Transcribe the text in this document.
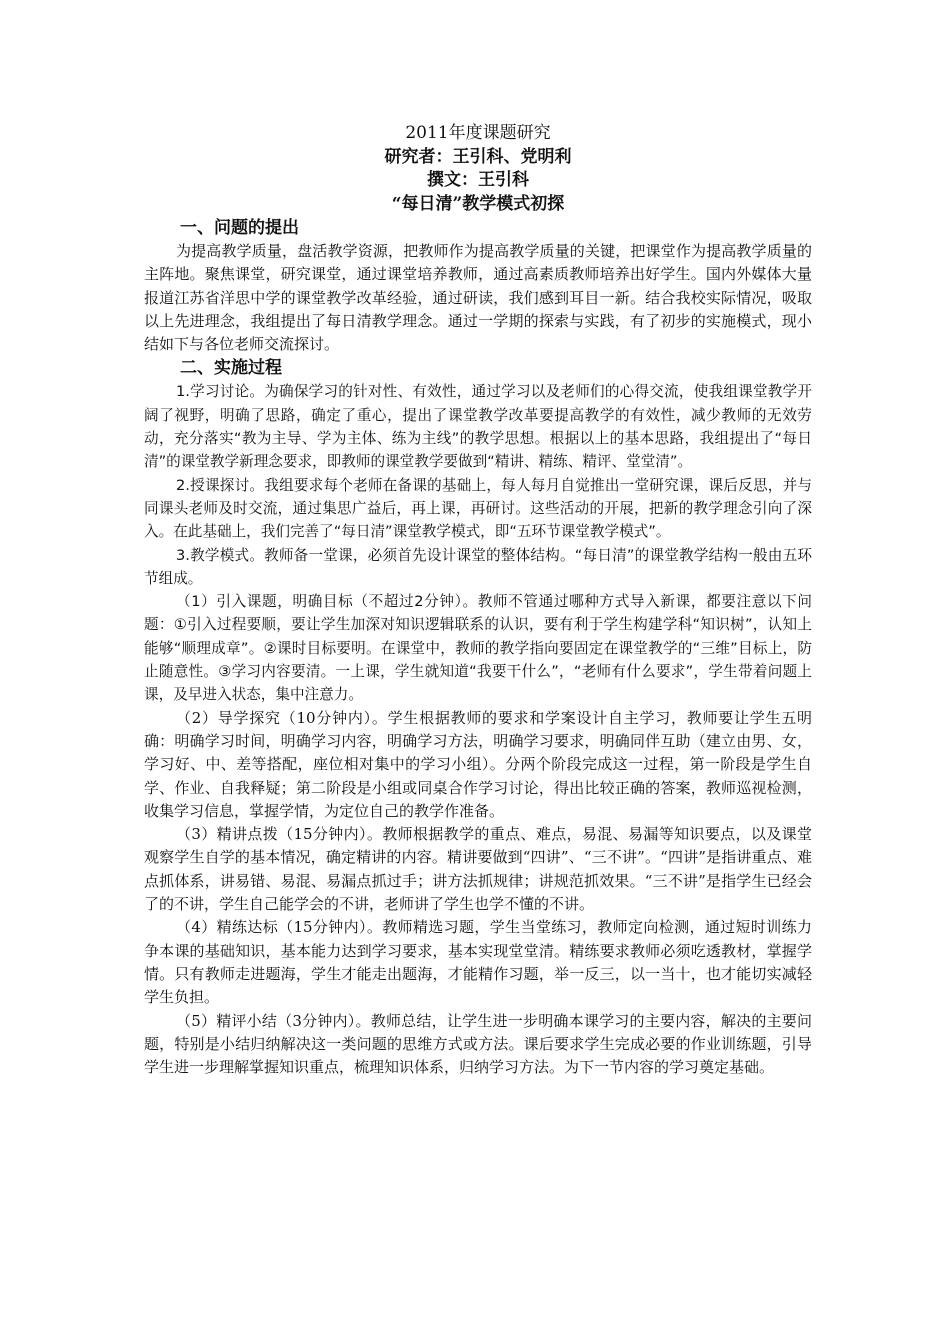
2011年度课题研究
研究者：王引科、党明利
撰文：王引科
“每日清”教学模式初探
一、问题的提出

为提高教学质量，盘活教学资源，把教师作为提高教学质量的关键，把课堂作为提高教学质量的主阵地。聚焦课堂，研究课堂，通过课堂培养教师，通过高素质教师培养出好学生。国内外媒体大量报道江苏省洋思中学的课堂教学改革经验，通过研读，我们感到耳目一新。结合我校实际情况，吸取以上先进理念，我组提出了每日清教学理念。通过一学期的探索与实践，有了初步的实施模式，现小结如下与各位老师交流探讨。

二、实施过程

1.学习讨论。为确保学习的针对性、有效性，通过学习以及老师们的心得交流，使我组课堂教学开阔了视野，明确了思路，确定了重心，提出了课堂教学改革要提高教学的有效性，减少教师的无效劳动，充分落实“教为主导、学为主体、练为主线”的教学思想。根据以上的基本思路，我组提出了“每日清”的课堂教学新理念要求，即教师的课堂教学要做到“精讲、精练、精评、堂堂清”。

2.授课探讨。我组要求每个老师在备课的基础上，每人每月自觉推出一堂研究课，课后反思，并与同课头老师及时交流，通过集思广益后，再上课，再研讨。这些活动的开展，把新的教学理念引向了深入。在此基础上，我们完善了“每日清”课堂教学模式，即“五环节课堂教学模式”。

3.教学模式。教师备一堂课，必须首先设计课堂的整体结构。“每日清”的课堂教学结构一般由五环节组成。

（1）引入课题，明确目标（不超过2分钟）。教师不管通过哪种方式导入新课，都要注意以下问题：①引入过程要顺，要让学生加深对知识逻辑联系的认识，要有利于学生构建学科“知识树”，认知上能够“顺理成章”。②课时目标要明。在课堂中，教师的教学指向要固定在课堂教学的“三维”目标上，防止随意性。③学习内容要清。一上课，学生就知道“我要干什么”，“老师有什么要求”，学生带着问题上课，及早进入状态，集中注意力。

（2）导学探究（10分钟内）。学生根据教师的要求和学案设计自主学习，教师要让学生五明确：明确学习时间，明确学习内容，明确学习方法，明确学习要求，明确同伴互助（建立由男、女，学习好、中、差等搭配，座位相对集中的学习小组）。分两个阶段完成这一过程，第一阶段是学生自学、作业、自我释疑；第二阶段是小组或同桌合作学习讨论，得出比较正确的答案，教师巡视检测，收集学习信息，掌握学情，为定位自己的教学作准备。

（3）精讲点拨（15分钟内）。教师根据教学的重点、难点，易混、易漏等知识要点，以及课堂观察学生自学的基本情况，确定精讲的内容。精讲要做到“四讲”、“三不讲”。“四讲”是指讲重点、难点抓体系，讲易错、易混、易漏点抓过手；讲方法抓规律；讲规范抓效果。“三不讲”是指学生已经会了的不讲，学生自己能学会的不讲，老师讲了学生也学不懂的不讲。

（4）精练达标（15分钟内）。教师精选习题，学生当堂练习，教师定向检测，通过短时训练力争本课的基础知识，基本能力达到学习要求，基本实现堂堂清。精练要求教师必须吃透教材，掌握学情。只有教师走进题海，学生才能走出题海，才能精作习题，举一反三，以一当十，也才能切实减轻学生负担。

（5）精评小结（3分钟内）。教师总结，让学生进一步明确本课学习的主要内容，解决的主要问题，特别是小结归纳解决这一类问题的思维方式或方法。课后要求学生完成必要的作业训练题，引导学生进一步理解掌握知识重点，梳理知识体系，归纳学习方法。为下一节内容的学习奠定基础。
